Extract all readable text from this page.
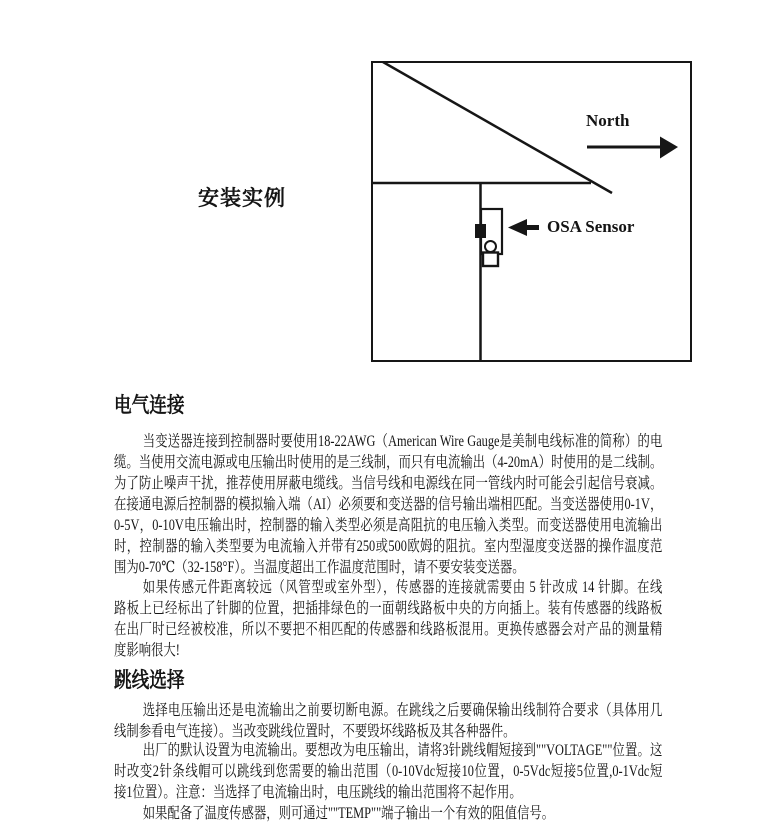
安装实例
North
OSA Sensor
电气连接
当变送器连接到控制器时要使用18-22AWG（American Wire Gauge是美制电线标准的简称）的电
缆。当使用交流电源或电压输出时使用的是三线制，而只有电流输出（4-20mA）时使用的是二线制。
为了防止噪声干扰，推荐使用屏蔽电缆线。当信号线和电源线在同一管线内时可能会引起信号衰减。
在接通电源后控制器的模拟输入端（AI）必须要和变送器的信号输出端相匹配。当变送器使用0-1V，
0-5V，0-10V电压输出时，控制器的输入类型必须是高阻抗的电压输入类型。而变送器使用电流输出
时，控制器的输入类型要为电流输入并带有250或500欧姆的阻抗。室内型湿度变送器的操作温度范
围为0-70℃（32-158°F）。当温度超出工作温度范围时，请不要安装变送器。
如果传感元件距离较远（风管型或室外型），传感器的连接就需要由 5 针改成 14 针脚。在线
路板上已经标出了针脚的位置，把插排绿色的一面朝线路板中央的方向插上。装有传感器的线路板
在出厂时已经被校准，所以不要把不相匹配的传感器和线路板混用。更换传感器会对产品的测量精
度影响很大!
跳线选择
选择电压输出还是电流输出之前要切断电源。在跳线之后要确保输出线制符合要求（具体用几
线制参看电气连接）。当改变跳线位置时，不要毁坏线路板及其各种器件。
出厂的默认设置为电流输出。要想改为电压输出，请将3针跳线帽短接到""VOLTAGE""位置。这
时改变2针条线帽可以跳线到您需要的输出范围（0-10Vdc短接10位置，0-5Vdc短接5位置,0-1Vdc短
接1位置）。注意：当选择了电流输出时，电压跳线的输出范围将不起作用。
如果配备了温度传感器，则可通过""TEMP""端子输出一个有效的阻值信号。
